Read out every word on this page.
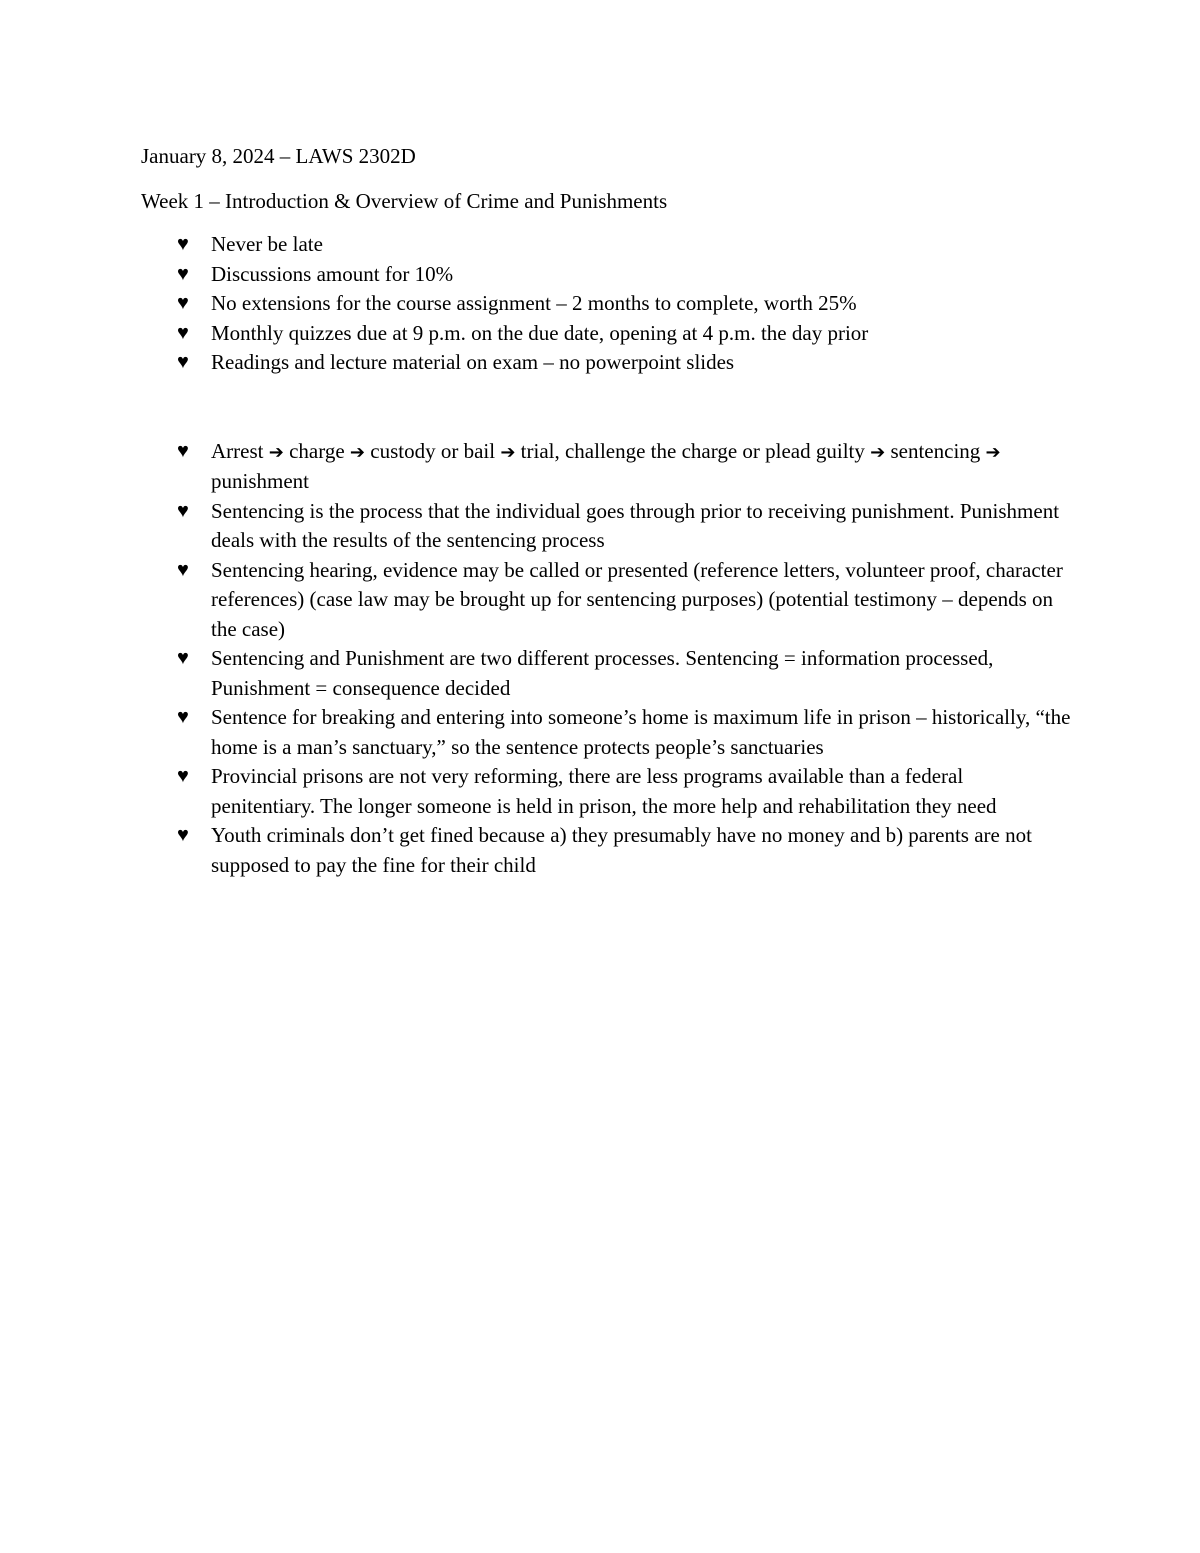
January 8, 2024 – LAWS 2302D
Week 1 – Introduction & Overview of Crime and Punishments
♥ Never be late
♥ Discussions amount for 10%
♥ No extensions for the course assignment – 2 months to complete, worth 25%
♥ Monthly quizzes due at 9 p.m. on the due date, opening at 4 p.m. the day prior
♥ Readings and lecture material on exam – no powerpoint slides
♥ Arrest ➔ charge ➔ custody or bail ➔ trial, challenge the charge or plead guilty ➔ sentencing ➔ punishment
♥ Sentencing is the process that the individual goes through prior to receiving punishment. Punishment deals with the results of the sentencing process
♥ Sentencing hearing, evidence may be called or presented (reference letters, volunteer proof, character references) (case law may be brought up for sentencing purposes) (potential testimony – depends on the case)
♥ Sentencing and Punishment are two different processes. Sentencing = information processed, Punishment = consequence decided
♥ Sentence for breaking and entering into someone’s home is maximum life in prison – historically, “the home is a man’s sanctuary,” so the sentence protects people’s sanctuaries
♥ Provincial prisons are not very reforming, there are less programs available than a federal penitentiary. The longer someone is held in prison, the more help and rehabilitation they need
♥ Youth criminals don’t get fined because a) they presumably have no money and b) parents are not supposed to pay the fine for their child
